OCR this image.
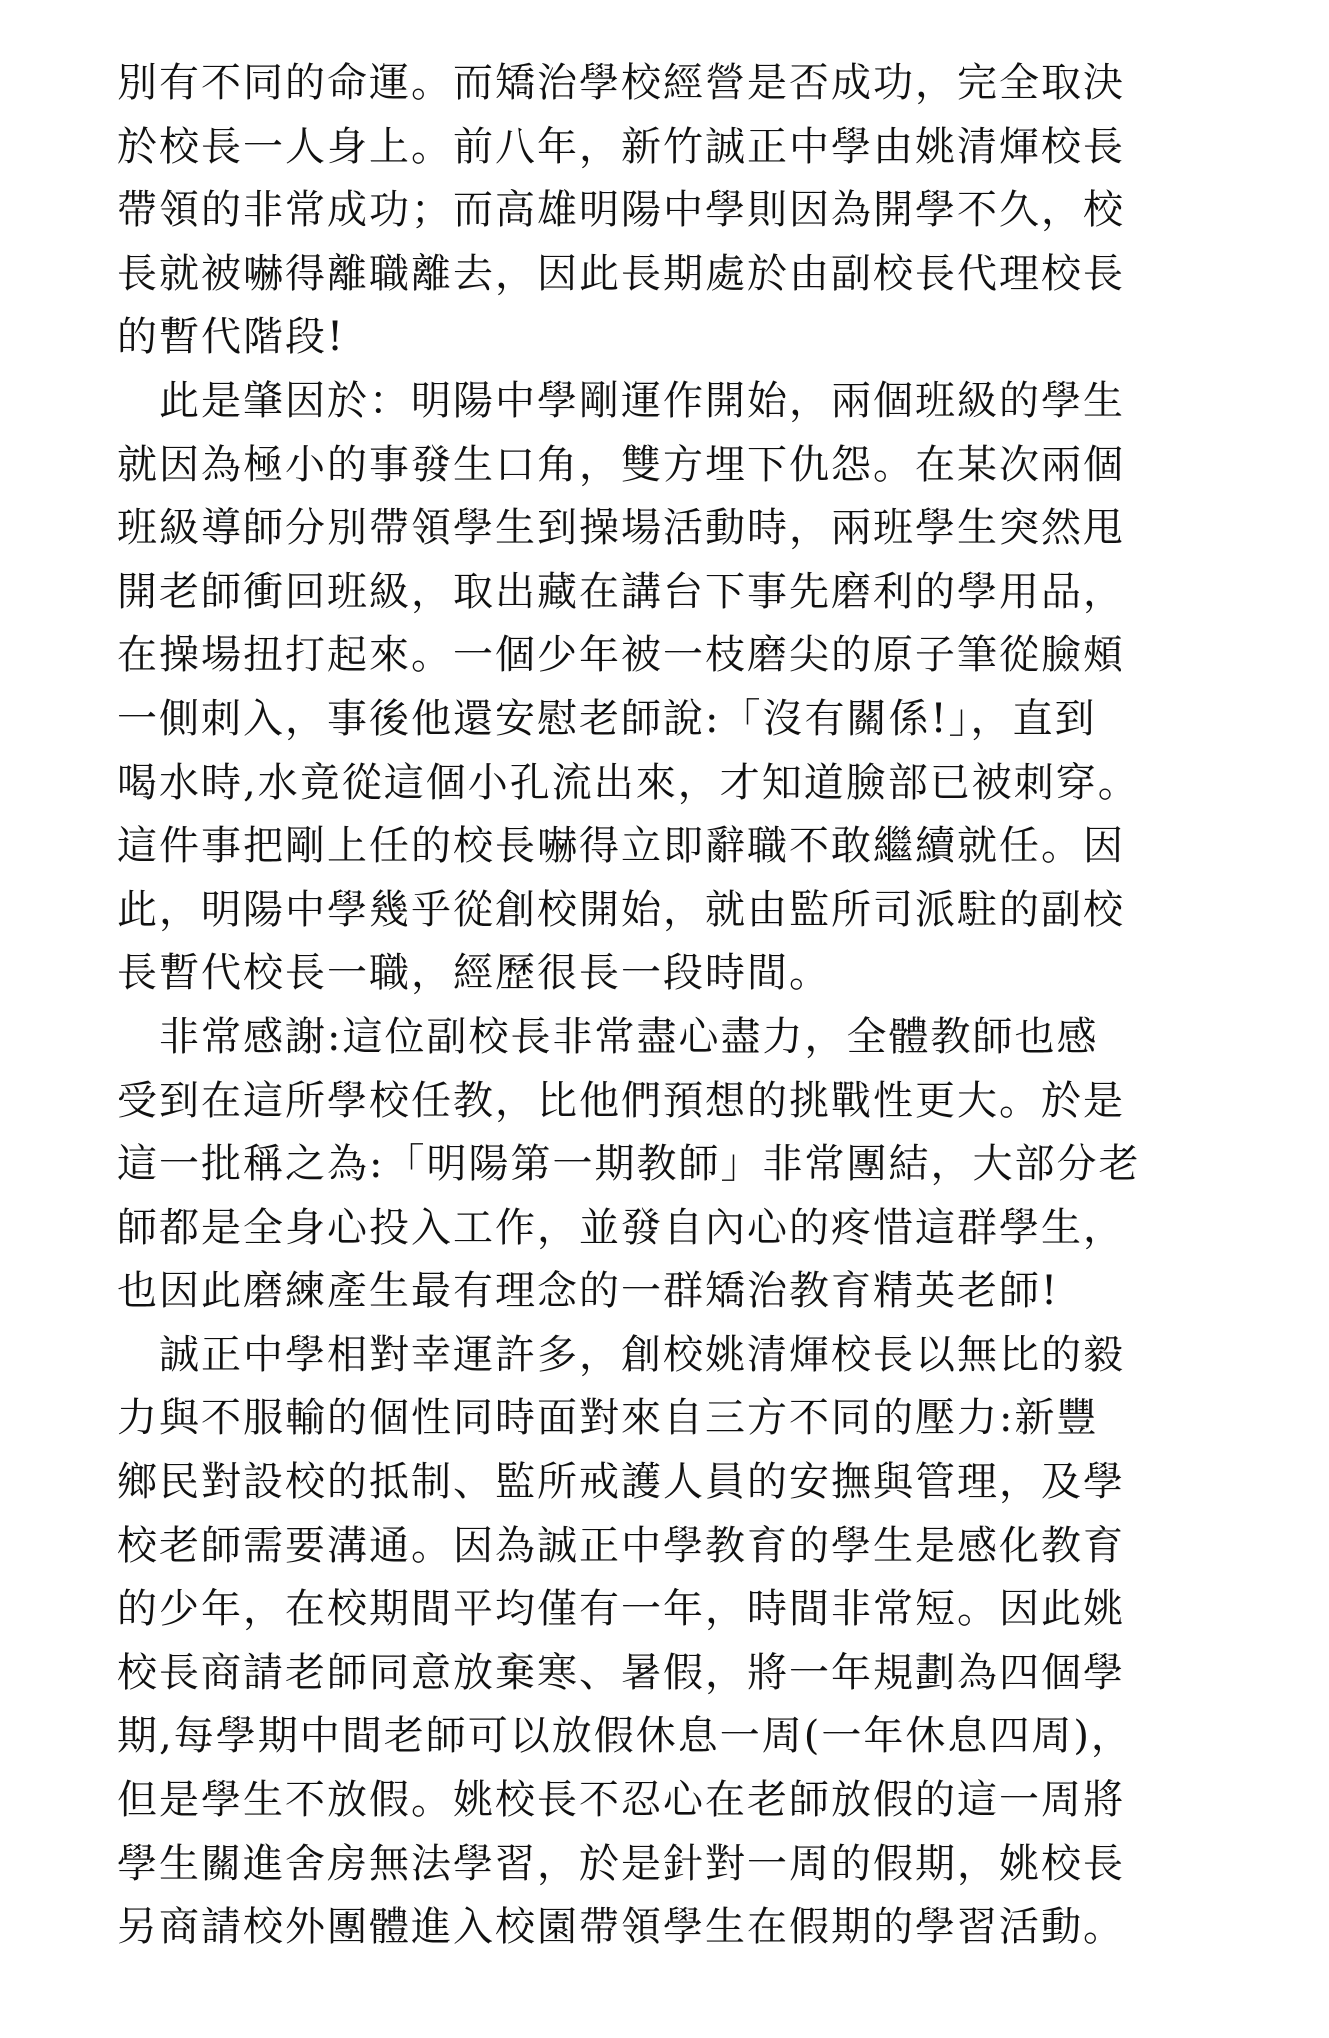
別有不同的命運。而矯治學校經營是否成功，完全取決
於校長一人身上。前八年，新竹誠正中學由姚清煇校長
帶領的非常成功；而高雄明陽中學則因為開學不久，校
長就被嚇得離職離去，因此長期處於由副校長代理校長
的暫代階段!
　此是肇因於：明陽中學剛運作開始，兩個班級的學生
就因為極小的事發生口角，雙方埋下仇怨。在某次兩個
班級導師分別帶領學生到操場活動時，兩班學生突然甩
開老師衝回班級，取出藏在講台下事先磨利的學用品，
在操場扭打起來。一個少年被一枝磨尖的原子筆從臉頰
一側刺入，事後他還安慰老師說:「沒有關係!」，直到
喝水時,水竟從這個小孔流出來，才知道臉部已被刺穿。
這件事把剛上任的校長嚇得立即辭職不敢繼續就任。因
此，明陽中學幾乎從創校開始，就由監所司派駐的副校
長暫代校長一職，經歷很長一段時間。
　非常感謝:這位副校長非常盡心盡力，全體教師也感
受到在這所學校任教，比他們預想的挑戰性更大。於是
這一批稱之為:「明陽第一期教師」非常團結，大部分老
師都是全身心投入工作，並發自內心的疼惜這群學生，
也因此磨練產生最有理念的一群矯治教育精英老師!
　誠正中學相對幸運許多，創校姚清煇校長以無比的毅
力與不服輸的個性同時面對來自三方不同的壓力:新豐
鄉民對設校的抵制、監所戒護人員的安撫與管理，及學
校老師需要溝通。因為誠正中學教育的學生是感化教育
的少年，在校期間平均僅有一年，時間非常短。因此姚
校長商請老師同意放棄寒、暑假，將一年規劃為四個學
期,每學期中間老師可以放假休息一周(一年休息四周)，
但是學生不放假。姚校長不忍心在老師放假的這一周將
學生關進舍房無法學習，於是針對一周的假期，姚校長
另商請校外團體進入校園帶領學生在假期的學習活動。
